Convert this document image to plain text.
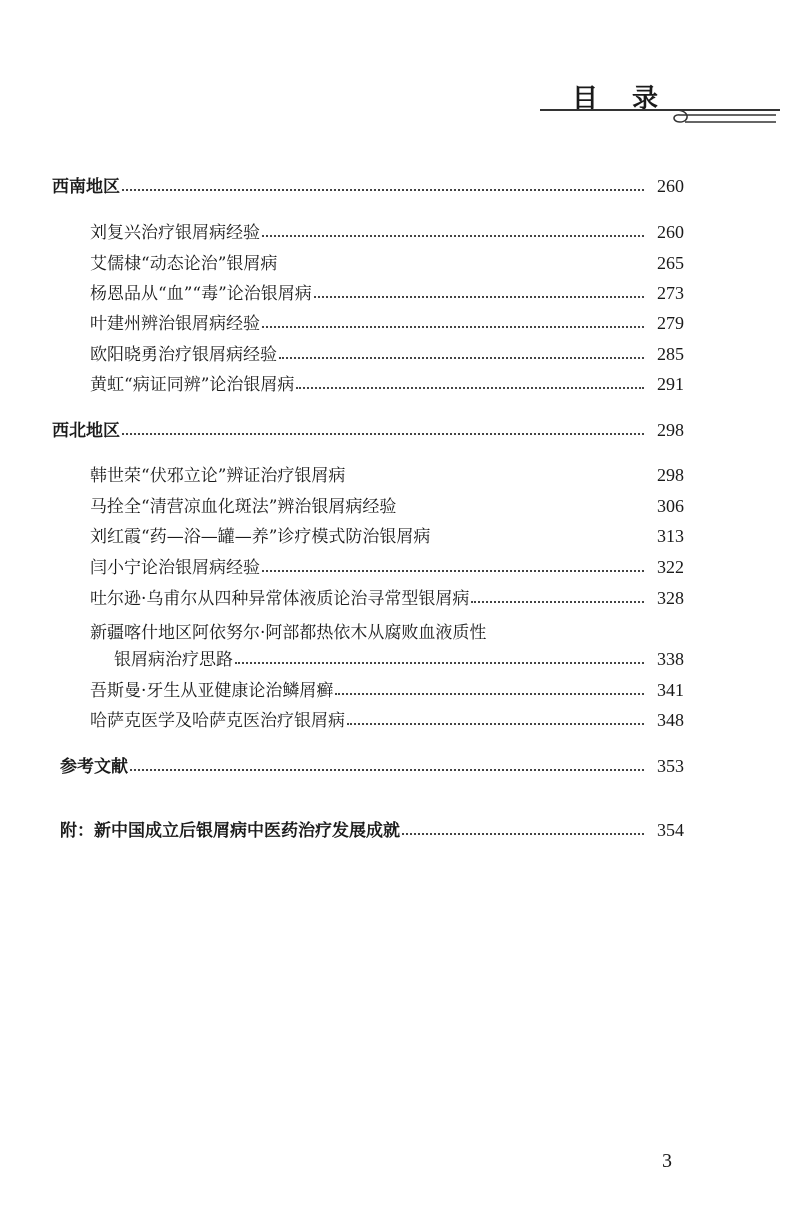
目录
西南地区	260
刘复兴治疗银屑病经验	260
艾儒棣“动态论治”银屑病	265
杨恩品从“血”“毒”论治银屑病	273
叶建州辨治银屑病经验	279
欧阳晓勇治疗银屑病经验	285
黄虹“病证同辨”论治银屑病	291
西北地区	298
韩世荣“伏邪立论”辨证治疗银屑病	298
马拴全“清营凉血化斑法”辨治银屑病经验	306
刘红霞“药—浴—罐—养”诊疗模式防治银屑病	313
闫小宁论治银屑病经验	322
吐尔逊·乌甫尔从四种异常体液质论治寻常型银屑病	328
新疆喀什地区阿依努尔·阿部都热依木从腐败血液质性
银屑病治疗思路	338
吾斯曼·牙生从亚健康论治鳞屑癣	341
哈萨克医学及哈萨克医治疗银屑病	348
参考文献	353
附：新中国成立后银屑病中医药治疗发展成就	354
3
